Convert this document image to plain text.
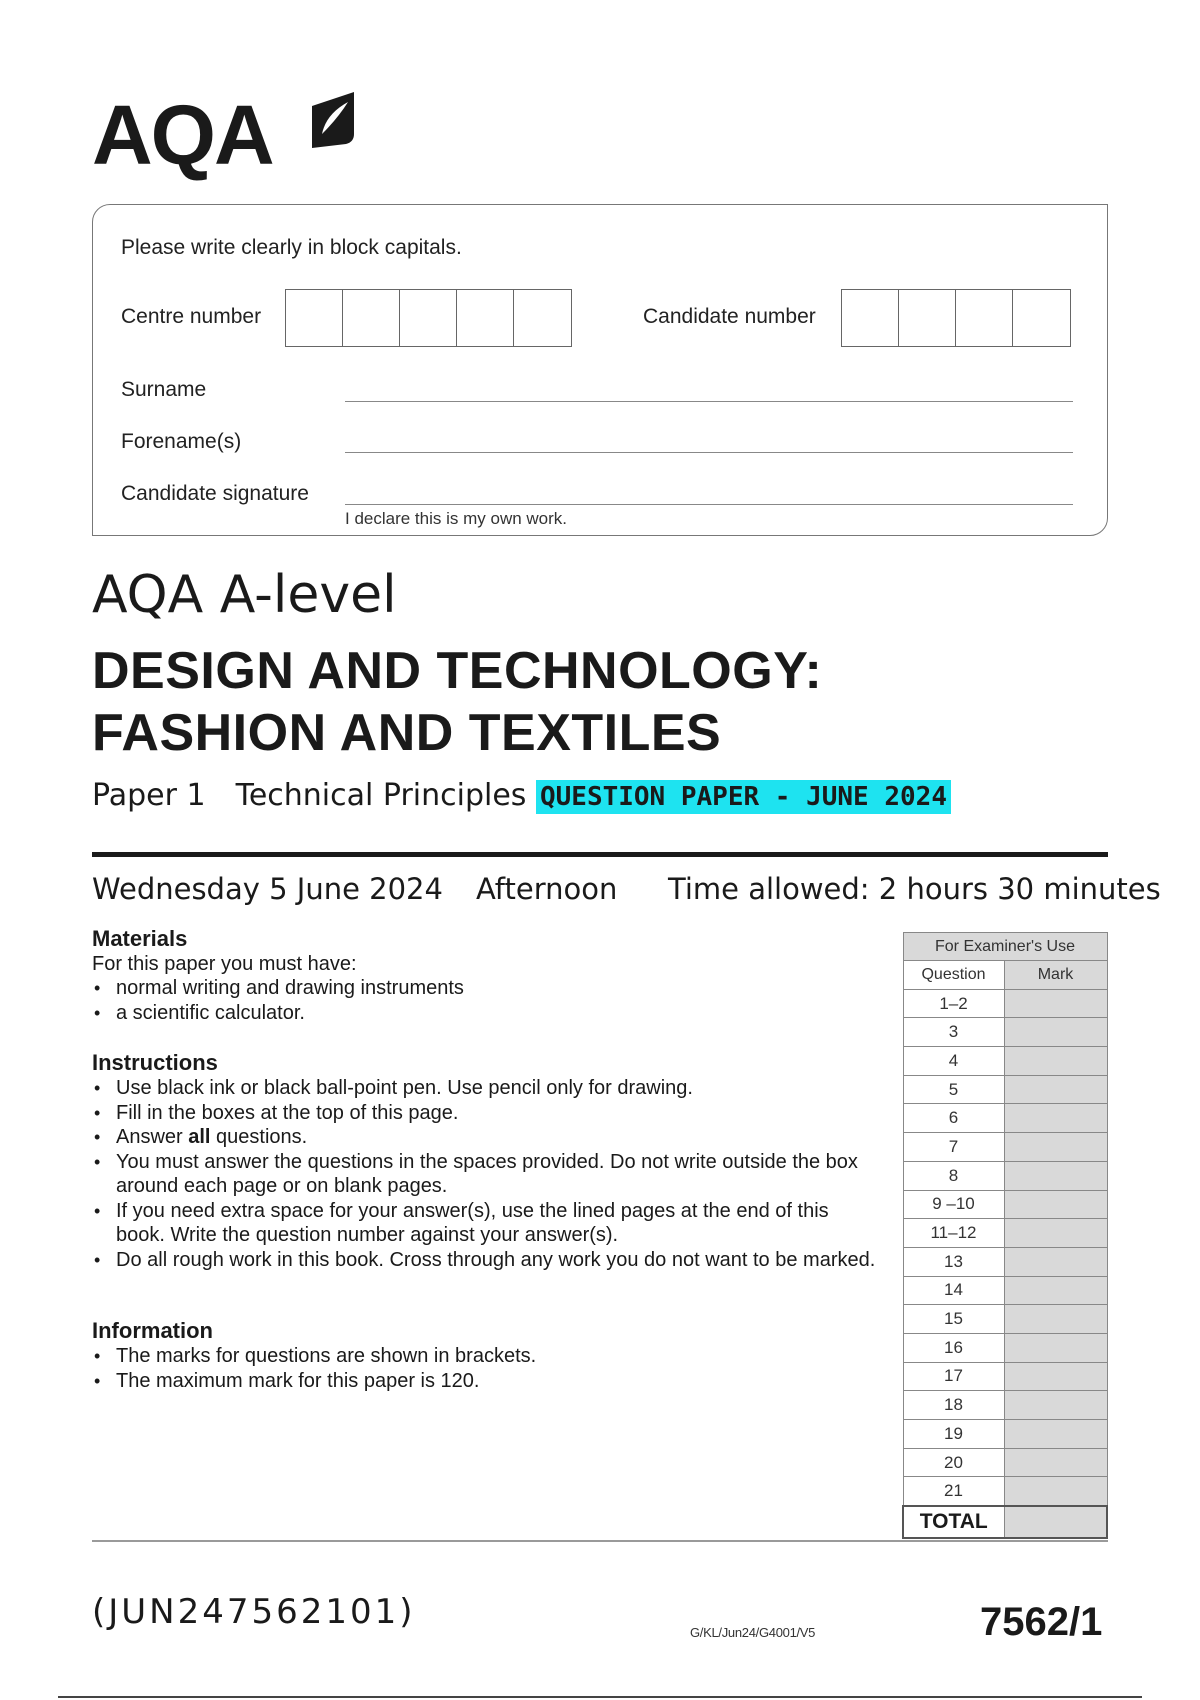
AQA
Please write clearly in block capitals.
Centre number	Candidate number
Surname
Forename(s)
Candidate signature
I declare this is my own work.
AQA A-level
DESIGN AND TECHNOLOGY:
FASHION AND TEXTILES
Paper 1 Technical Principles QUESTION PAPER - JUNE 2024
Wednesday 5 June 2024 Afternoon Time allowed: 2 hours 30 minutes
Materials
For this paper you must have:
• normal writing and drawing instruments
• a scientific calculator.
Instructions
• Use black ink or black ball-point pen. Use pencil only for drawing.
• Fill in the boxes at the top of this page.
• Answer all questions.
• You must answer the questions in the spaces provided. Do not write outside the box around each page or on blank pages.
• If you need extra space for your answer(s), use the lined pages at the end of this book. Write the question number against your answer(s).
• Do all rough work in this book. Cross through any work you do not want to be marked.
Information
• The marks for questions are shown in brackets.
• The maximum mark for this paper is 120.
For Examiner's Use	
Question	Mark
1–2	
3	
4	
5	
6	
7	
8	
9 –10	
11–12	
13	
14	
15	
16	
17	
18	
19	
20	
21	
TOTAL	
(JUN247562101)
G/KL/Jun24/G4001/V5	7562/1
